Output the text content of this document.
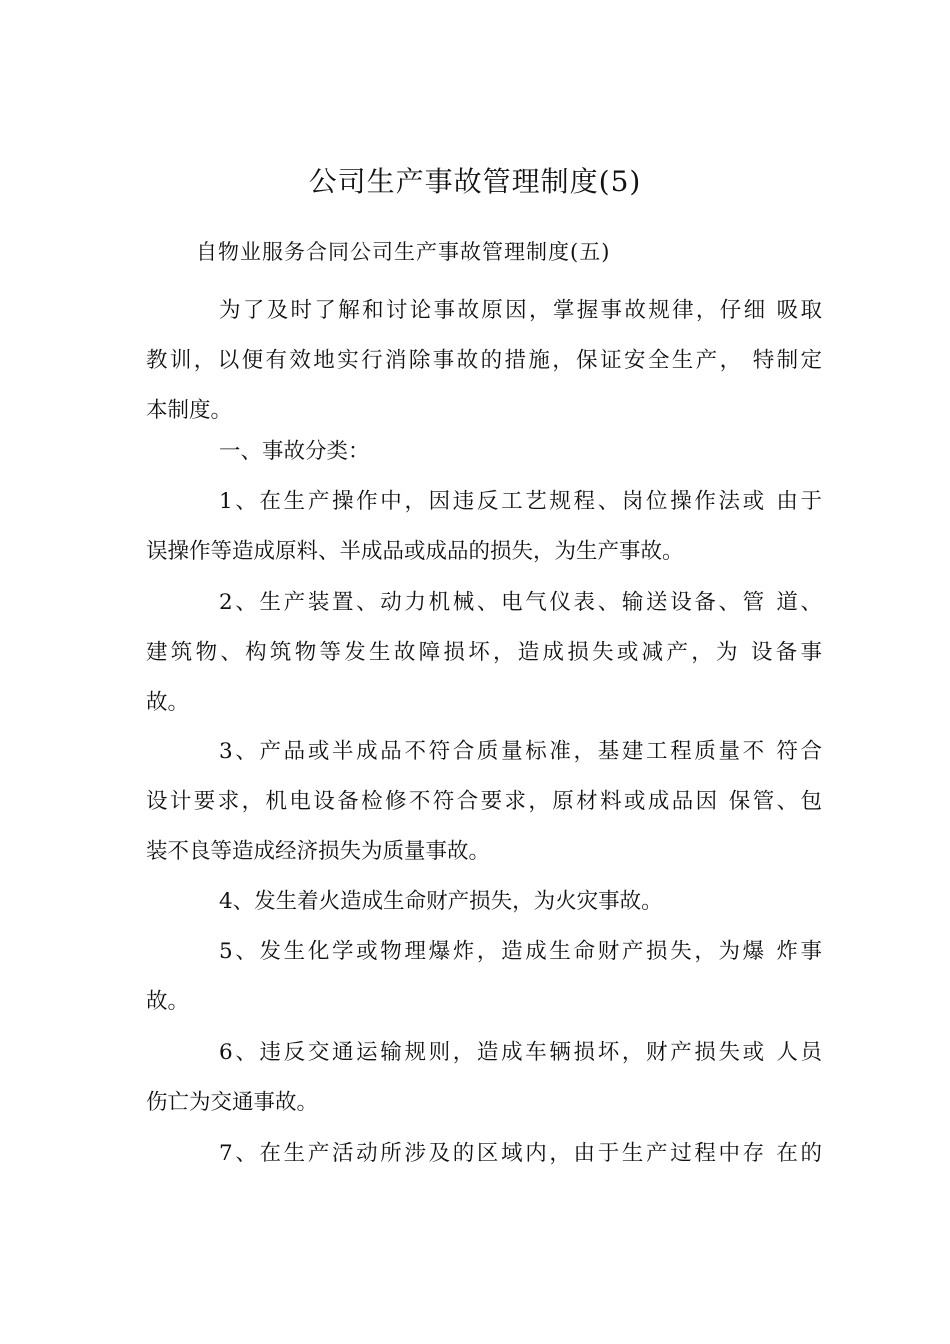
公司生产事故管理制度(5)

自物业服务合同公司生产事故管理制度(五)

为了及时了解和讨论事故原因，掌握事故规律，仔细 吸取
教训，以便有效地实行消除事故的措施，保证安全生产， 特制定
本制度。
一、事故分类：
1、在生产操作中，因违反工艺规程、岗位操作法或 由于
误操作等造成原料、半成品或成品的损失，为生产事故。
2、生产装置、动力机械、电气仪表、输送设备、管 道、
建筑物、构筑物等发生故障损坏，造成损失或减产，为 设备事
故。
3、产品或半成品不符合质量标准，基建工程质量不 符合
设计要求，机电设备检修不符合要求，原材料或成品因 保管、包
装不良等造成经济损失为质量事故。
4、发生着火造成生命财产损失，为火灾事故。
5、发生化学或物理爆炸，造成生命财产损失，为爆 炸事
故。
6、违反交通运输规则，造成车辆损坏，财产损失或 人员
伤亡为交通事故。
7、在生产活动所涉及的区域内，由于生产过程中存 在的
